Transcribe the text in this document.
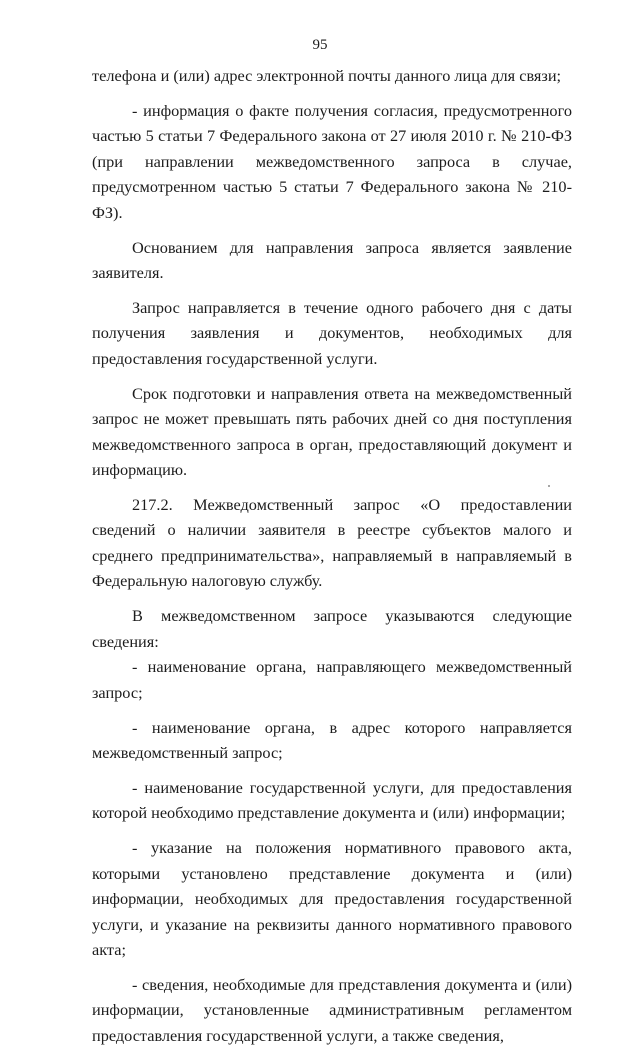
95

телефона и (или) адрес электронной почты данного лица для связи;

- информация о факте получения согласия, предусмотренного частью 5 статьи 7 Федерального закона от 27 июля 2010 г. № 210-ФЗ (при направлении межведомственного запроса в случае, предусмотренном частью 5 статьи 7 Федерального закона № 210-ФЗ).

Основанием для направления запроса является заявление заявителя.

Запрос направляется в течение одного рабочего дня с даты получения заявления и документов, необходимых для предоставления государственной услуги.

Срок подготовки и направления ответа на межведомственный запрос не может превышать пять рабочих дней со дня поступления межведомственного запроса в орган, предоставляющий документ и информацию.

217.2. Межведомственный запрос «О предоставлении сведений о наличии заявителя в реестре субъектов малого и среднего предпринимательства», направляемый в направляемый в Федеральную налоговую службу.

В межведомственном запросе указываются следующие сведения:

- наименование органа, направляющего межведомственный запрос;

- наименование органа, в адрес которого направляется межведомственный запрос;

- наименование государственной услуги, для предоставления которой необходимо представление документа и (или) информации;

- указание на положения нормативного правового акта, которыми установлено представление документа и (или) информации, необходимых для предоставления государственной услуги, и указание на реквизиты данного нормативного правового акта;

- сведения, необходимые для представления документа и (или) информации, установленные административным регламентом предоставления государственной услуги, а также сведения,
